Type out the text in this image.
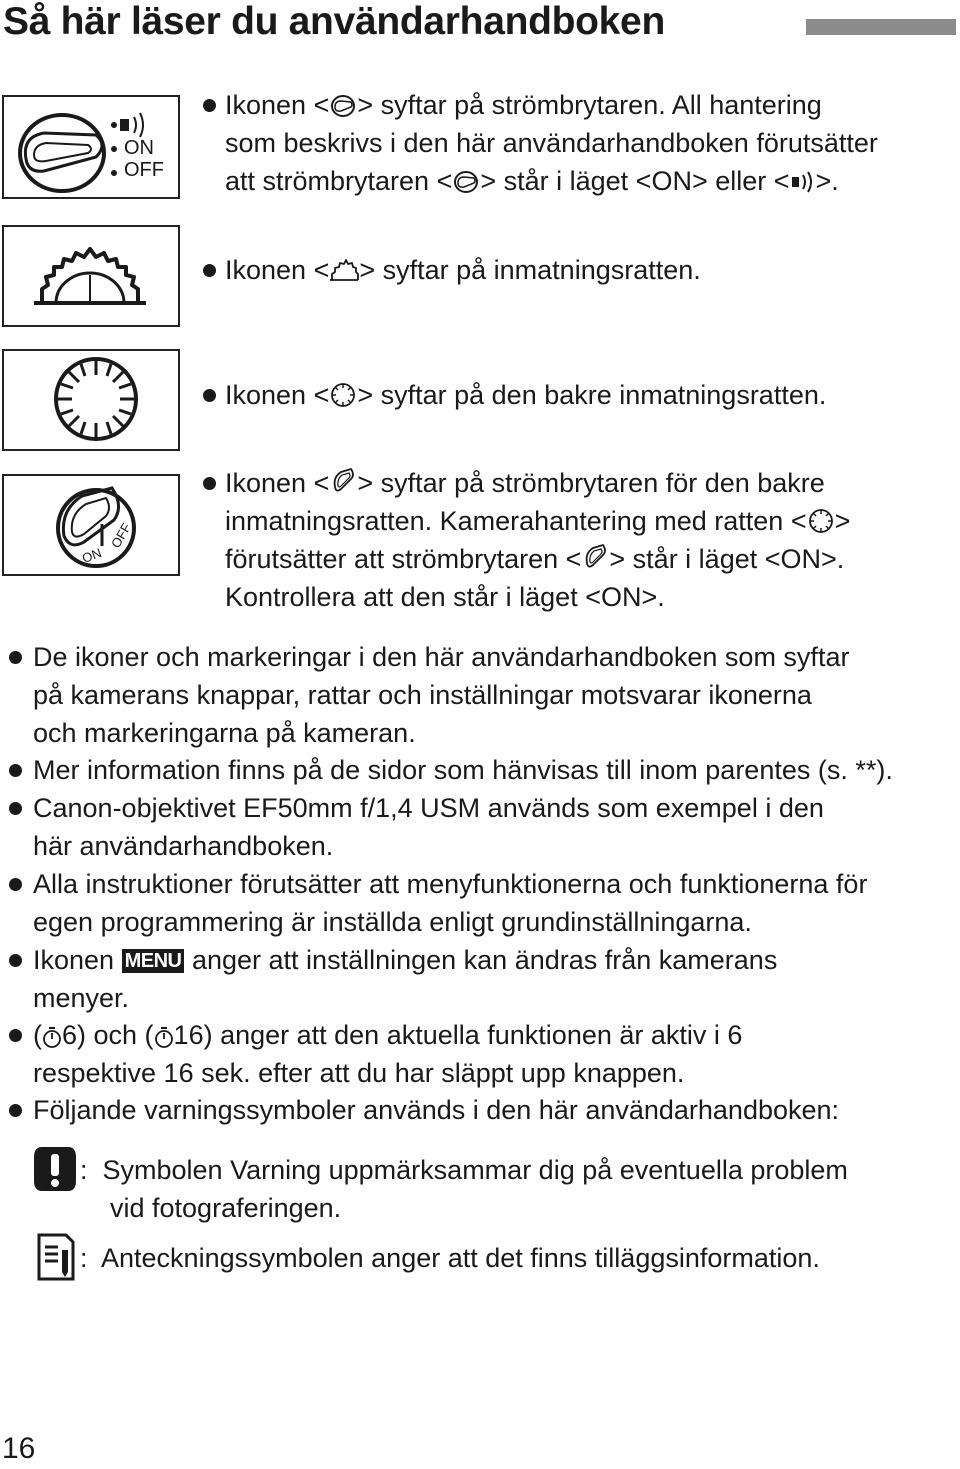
Så här läser du användarhandboken
ON
OFF
ON
OFF
Ikonen < > syftar på strömbrytaren. All hantering
som beskrivs i den här användarhandboken förutsätter
att strömbrytaren < > står i läget <ON> eller < >.
Ikonen < > syftar på inmatningsratten.
Ikonen < > syftar på den bakre inmatningsratten.
Ikonen < > syftar på strömbrytaren för den bakre
inmatningsratten. Kamerahantering med ratten < >
förutsätter att strömbrytaren < > står i läget <ON>.
Kontrollera att den står i läget <ON>.
De ikoner och markeringar i den här användarhandboken som syftar
på kamerans knappar, rattar och inställningar motsvarar ikonerna
och markeringarna på kameran.
Mer information finns på de sidor som hänvisas till inom parentes (s. **).
Canon-objektivet EF50mm f/1,4 USM används som exempel i den
här användarhandboken.
Alla instruktioner förutsätter att menyfunktionerna och funktionerna för
egen programmering är inställda enligt grundinställningarna.
Ikonen MENU anger att inställningen kan ändras från kamerans
menyer.
( 6) och ( 16) anger att den aktuella funktionen är aktiv i 6
respektive 16 sek. efter att du har släppt upp knappen.
Följande varningssymboler används i den här användarhandboken:
:  Symbolen Varning uppmärksammar dig på eventuella problem
vid fotograferingen.
:  Anteckningssymbolen anger att det finns tilläggsinformation.
16
